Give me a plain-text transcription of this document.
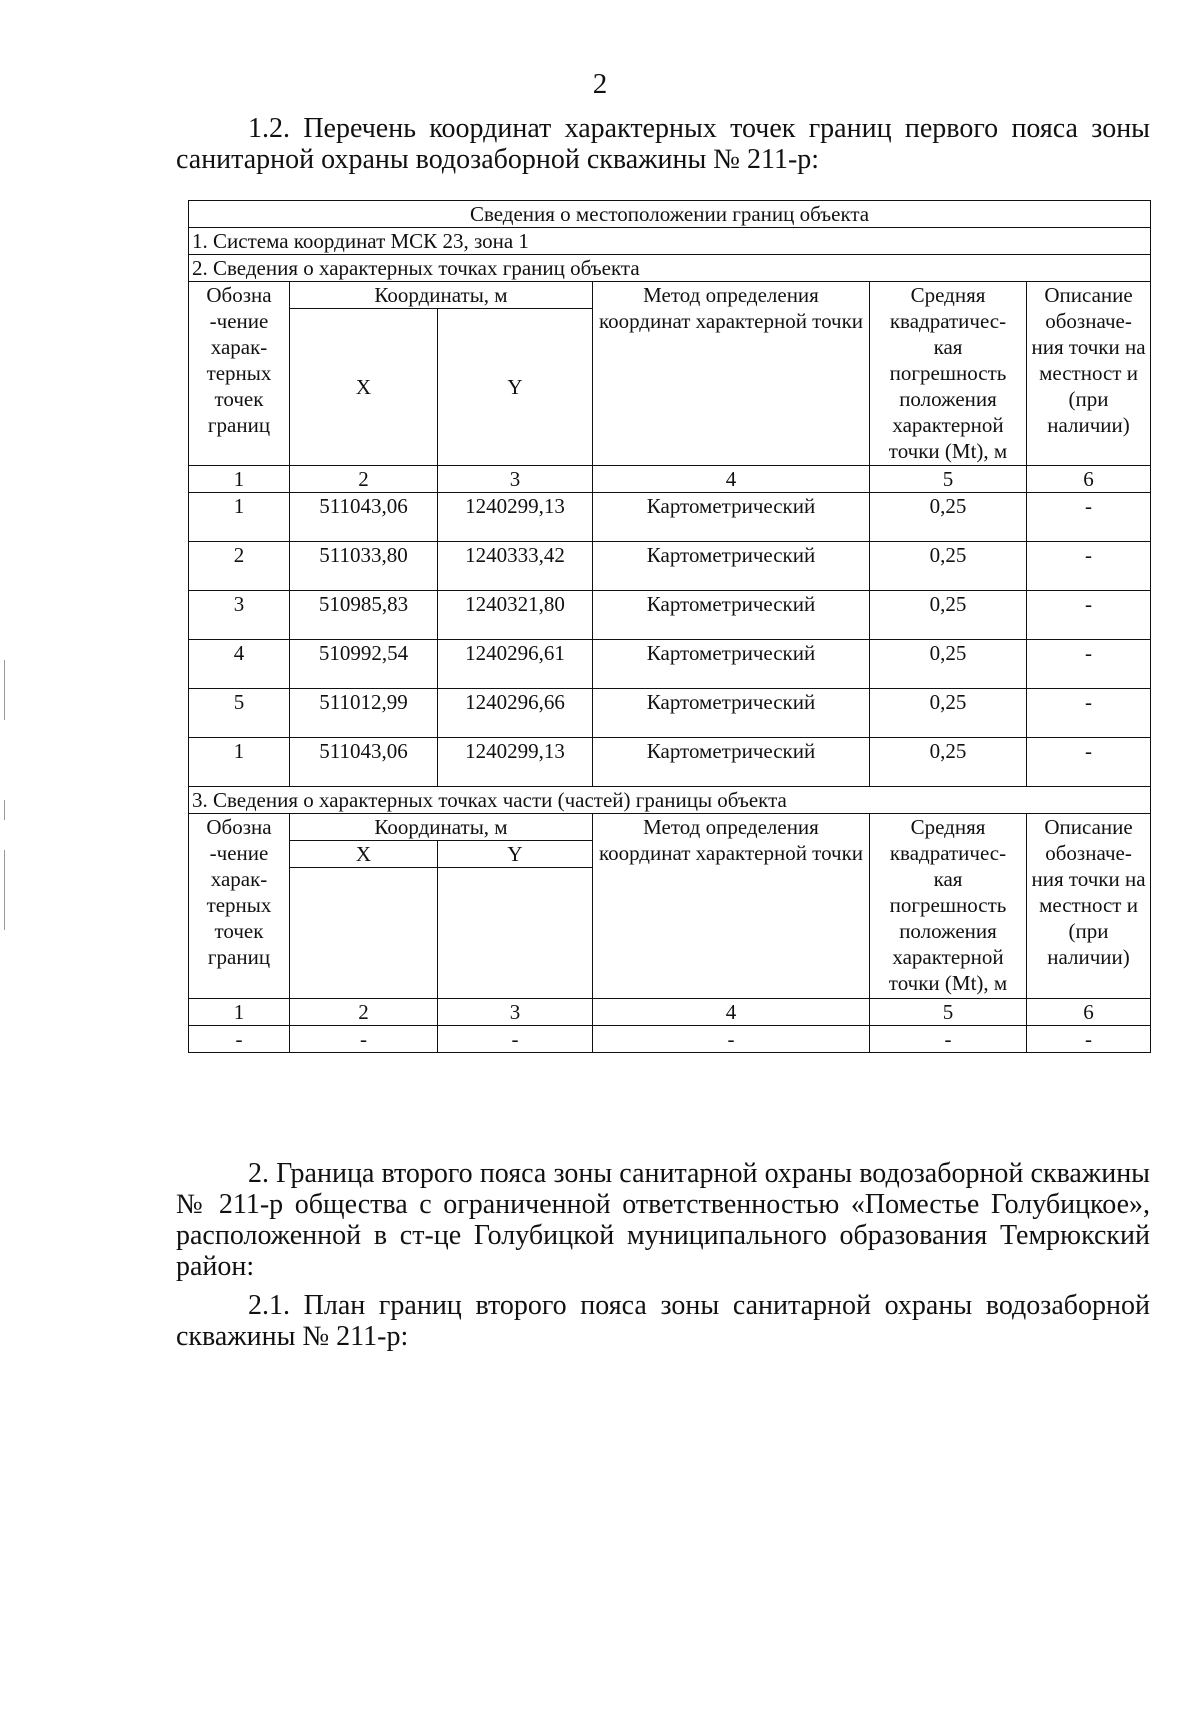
2
1.2. Перечень координат характерных точек границ первого пояса зоны санитарной охраны водозаборной скважины № 211-р:
Сведения о местоположении границ объекта					
1. Система координат МСК 23, зона 1					
2. Сведения о характерных точках границ объекта					
Обозна -чение харак- терных точек границ	Координаты, м		Метод определения координат характерной точки	Средняя квадратичес- кая погрешность положения характерной точки (Mt), м	Описание обозначе- ния точки на местност и (при наличии)
	X	Y			
1	2	3	4	5	6
1	511043,06	1240299,13	Картометрический	0,25	-
2	511033,80	1240333,42	Картометрический	0,25	-
3	510985,83	1240321,80	Картометрический	0,25	-
4	510992,54	1240296,61	Картометрический	0,25	-
5	511012,99	1240296,66	Картометрический	0,25	-
1	511043,06	1240299,13	Картометрический	0,25	-
3. Сведения о характерных точках части (частей) границы объекта					
Обозна -чение харак- терных точек границ	Координаты, м		Метод определения координат характерной точки	Средняя квадратичес- кая погрешность положения характерной точки (Mt), м	Описание обозначе- ния точки на местност и (при наличии)
	X	Y			

1	2	3	4	5	6
-	-	-	-	-	-
2. Граница второго пояса зоны санитарной охраны водозаборной скважины № 211-р общества с ограниченной ответственностью «Поместье Голубицкое», расположенной в ст-це Голубицкой муниципального образования Темрюкский район:
2.1. План границ второго пояса зоны санитарной охраны водозаборной скважины № 211-р:
